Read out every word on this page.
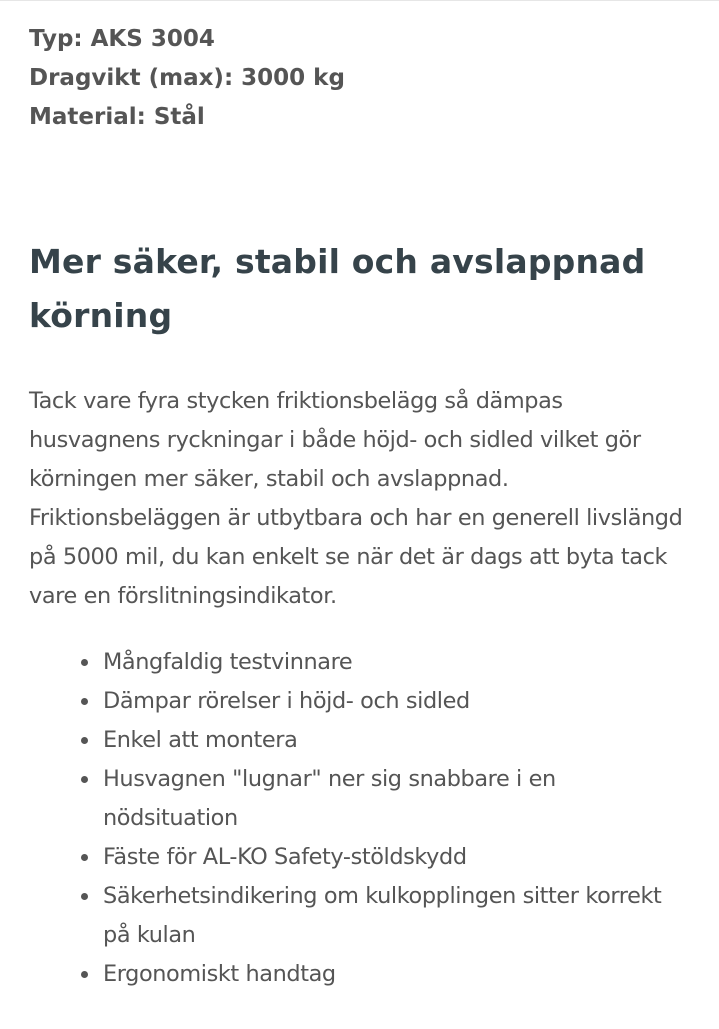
Typ: AKS 3004
Dragvikt (max): 3000 kg
Material: Stål
Mer säker, stabil och avslappnad körning

Tack vare fyra stycken friktionsbelägg så dämpas husvagnens ryckningar i både höjd- och sidled vilket gör körningen mer säker, stabil och avslappnad. Friktionsbeläggen är utbytbara och har en generell livslängd på 5000 mil, du kan enkelt se när det är dags att byta tack vare en förslitningsindikator.

Mångfaldig testvinnare
Dämpar rörelser i höjd- och sidled
Enkel att montera
Husvagnen "lugnar" ner sig snabbare i en nödsituation
Fäste för AL-KO Safety-stöldskydd
Säkerhetsindikering om kulkopplingen sitter korrekt på kulan
Ergonomiskt handtag
